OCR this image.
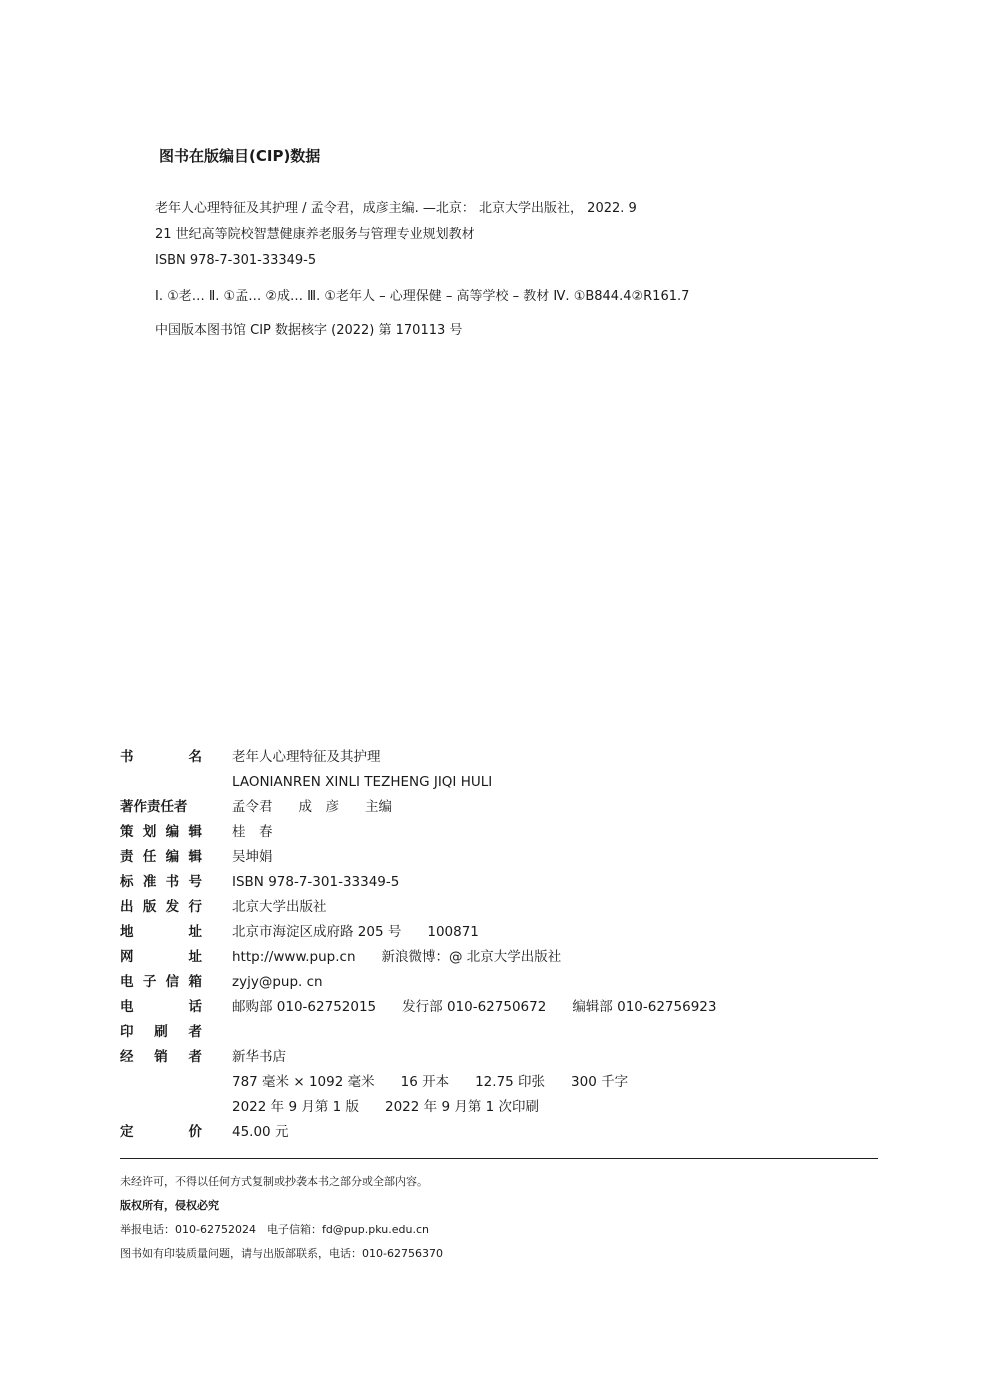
图书在版编目(CIP)数据
老年人心理特征及其护理 / 孟令君，成彦主编. —北京： 北京大学出版社， 2022. 9
21 世纪高等院校智慧健康养老服务与管理专业规划教材
ISBN 978-7-301-33349-5
Ⅰ. ①老… Ⅱ. ①孟… ②成… Ⅲ. ①老年人 – 心理保健 – 高等学校 – 教材 Ⅳ. ①B844.4②R161.7
中国版本图书馆 CIP 数据核字 (2022) 第 170113 号
书	名 老年人心理特征及其护理
LAONIANREN XINLI TEZHENG JIQI HULI
著作责任者	孟令君 成　彦 主编
策 划 编 辑 桂　春
责 任 编 辑 吴坤娟
标 准 书 号 ISBN 978-7-301-33349-5
出 版 发 行 北京大学出版社
地	址 北京市海淀区成府路 205 号 100871
网	址 http://www.pup.cn 新浪微博：@ 北京大学出版社
电 子 信 箱 zyjy@pup. cn
电	话 邮购部 010-62752015 发行部 010-62750672 编辑部 010-62756923
印 刷 者
经 销 者 新华书店
787 毫米 × 1092 毫米 16 开本 12.75 印张 300 千字
2022 年 9 月第 1 版 2022 年 9 月第 1 次印刷
定	价 45.00 元
未经许可，不得以任何方式复制或抄袭本书之部分或全部内容。
版权所有，侵权必究
举报电话：010-62752024　电子信箱：fd@pup.pku.edu.cn
图书如有印装质量问题，请与出版部联系，电话：010-62756370
